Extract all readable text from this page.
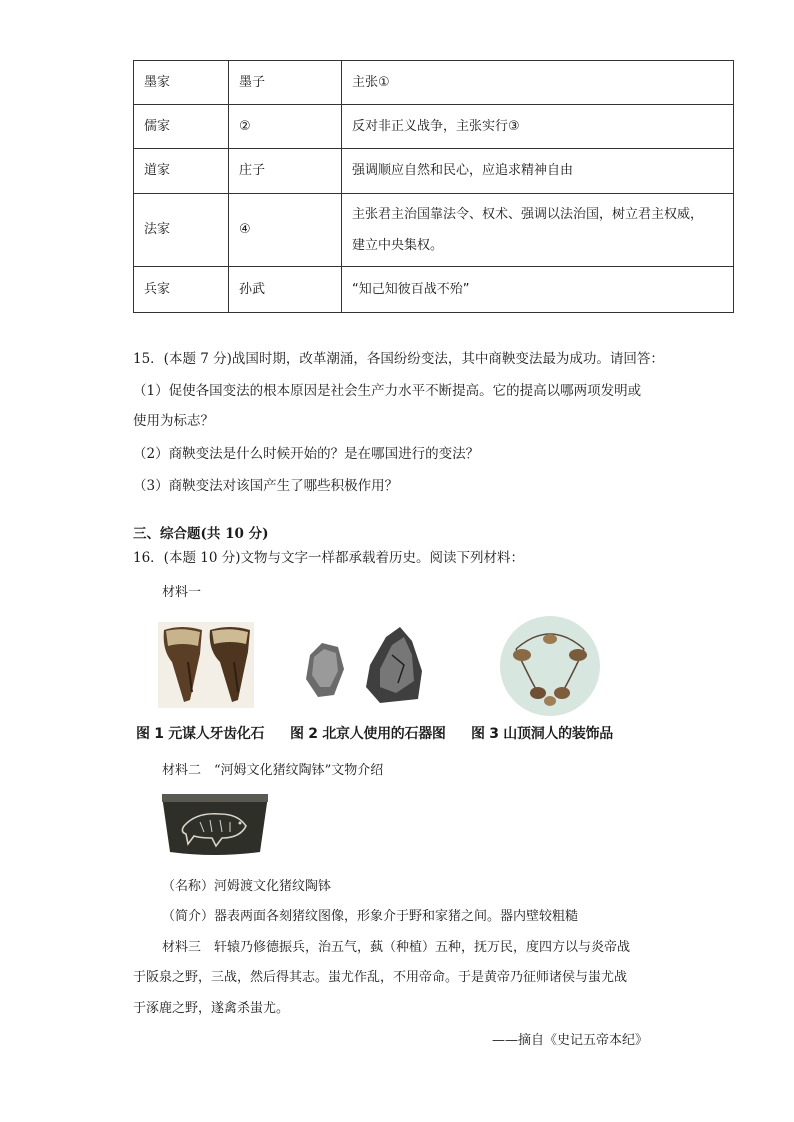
墨家	墨子	主张①
儒家	②	反对非正义战争，主张实行③
道家	庄子	强调顺应自然和民心，应追求精神自由
法家	④	主张君主治国靠法令、权术、强调以法治国，树立君主权威，
建立中央集权。

兵家	孙武	“知己知彼百战不殆”
15．(本题 7 分)战国时期，改革潮涌，各国纷纷变法，其中商鞅变法最为成功。请回答：
（1）促使各国变法的根本原因是社会生产力水平不断提高。它的提高以哪两项发明或
使用为标志？
（2）商鞅变法是什么时候开始的？是在哪国进行的变法？
（3）商鞅变法对该国产生了哪些积极作用？
三、综合题(共 10 分)
16．(本题 10 分)文物与文字一样都承载着历史。阅读下列材料：
材料一
图 1 元谋人牙齿化石 图 2 北京人使用的石器图 图 3 山顶洞人的装饰品
材料二　“河姆文化猪纹陶钵”文物介绍
（名称）河姆渡文化猪纹陶钵
（简介）器表两面各刻猪纹图像，形象介于野和家猪之间。器内壁较粗糙
材料三　轩辕乃修德振兵，治五气，蓺（种植）五种，抚万民，度四方以与炎帝战
于阪泉之野，三战，然后得其志。蚩尤作乱，不用帝命。于是黄帝乃征师诸侯与蚩尤战
于涿鹿之野，遂禽杀蚩尤。
——摘自《史记五帝本纪》
